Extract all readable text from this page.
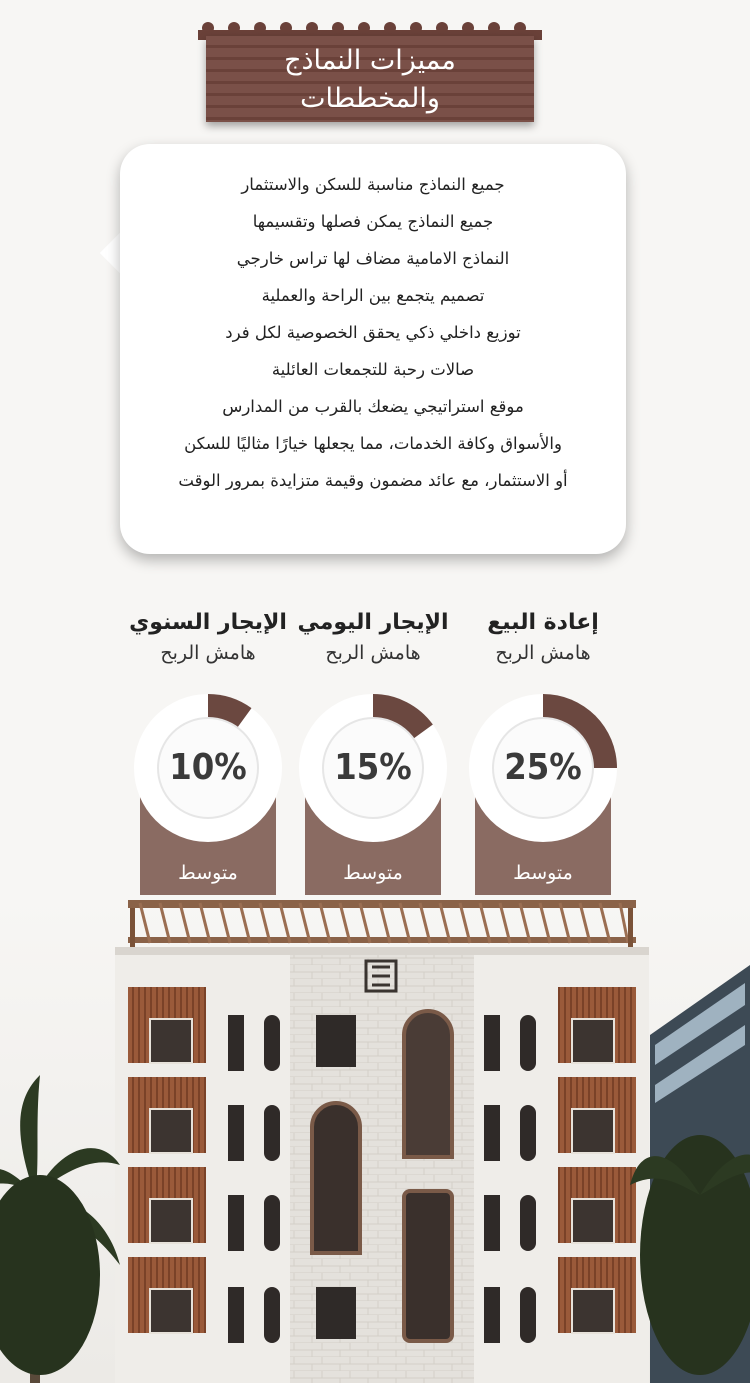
مميزات النماذج
والمخططات
جميع النماذج مناسبة للسكن والاستثمار
جميع النماذج يمكن فصلها وتقسيمها
النماذج الامامية مضاف لها تراس خارجي
تصميم يتجمع بين الراحة والعملية
توزيع داخلي ذكي يحقق الخصوصية لكل فرد
صالات رحبة للتجمعات العائلية
موقع استراتيجي يضعك بالقرب من المدارس
والأسواق وكافة الخدمات، مما يجعلها خيارًا مثاليًا للسكن
أو الاستثمار، مع عائد مضمون وقيمة متزايدة بمرور الوقت
إعادة البيع
هامش الربح
25%
متوسط
الإيجار اليومي
هامش الربح
15%
متوسط
الإيجار السنوي
هامش الربح
10%
متوسط
